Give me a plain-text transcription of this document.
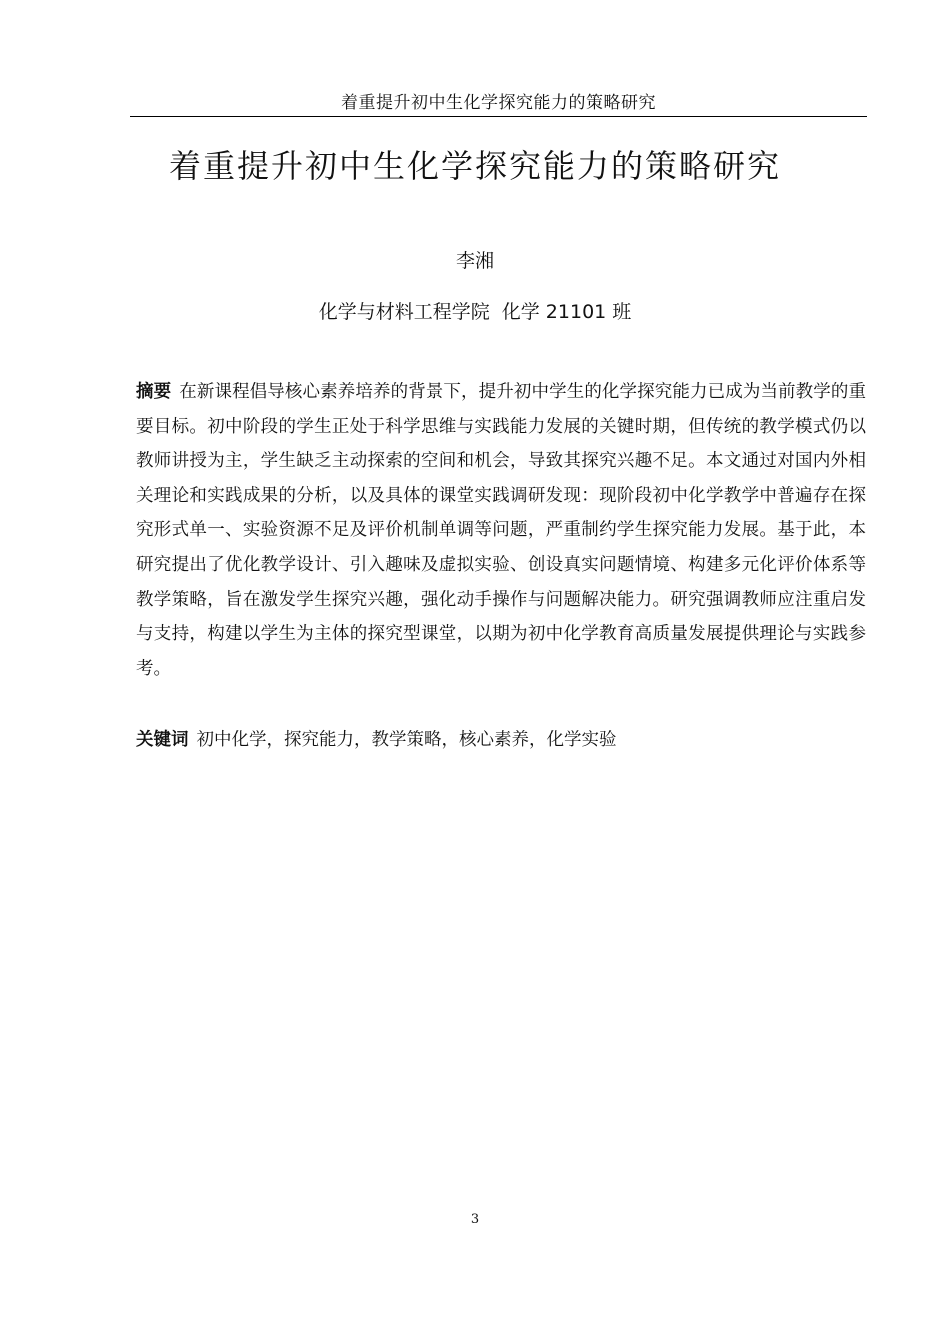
着重提升初中生化学探究能力的策略研究
着重提升初中生化学探究能力的策略研究
李湘
化学与材料工程学院  化学 21101 班

摘要 在新课程倡导核心素养培养的背景下，提升初中学生的化学探究能力已成为当前教学的重要目标。初中阶段的学生正处于科学思维与实践能力发展的关键时期，但传统的教学模式仍以教师讲授为主，学生缺乏主动探索的空间和机会，导致其探究兴趣不足。本文通过对国内外相关理论和实践成果的分析，以及具体的课堂实践调研发现：现阶段初中化学教学中普遍存在探究形式单一、实验资源不足及评价机制单调等问题，严重制约学生探究能力发展。基于此，本研究提出了优化教学设计、引入趣味及虚拟实验、创设真实问题情境、构建多元化评价体系等教学策略，旨在激发学生探究兴趣，强化动手操作与问题解决能力。研究强调教师应注重启发与支持，构建以学生为主体的探究型课堂，以期为初中化学教育高质量发展提供理论与实践参考。

关键词 初中化学，探究能力，教学策略，核心素养，化学实验

3
